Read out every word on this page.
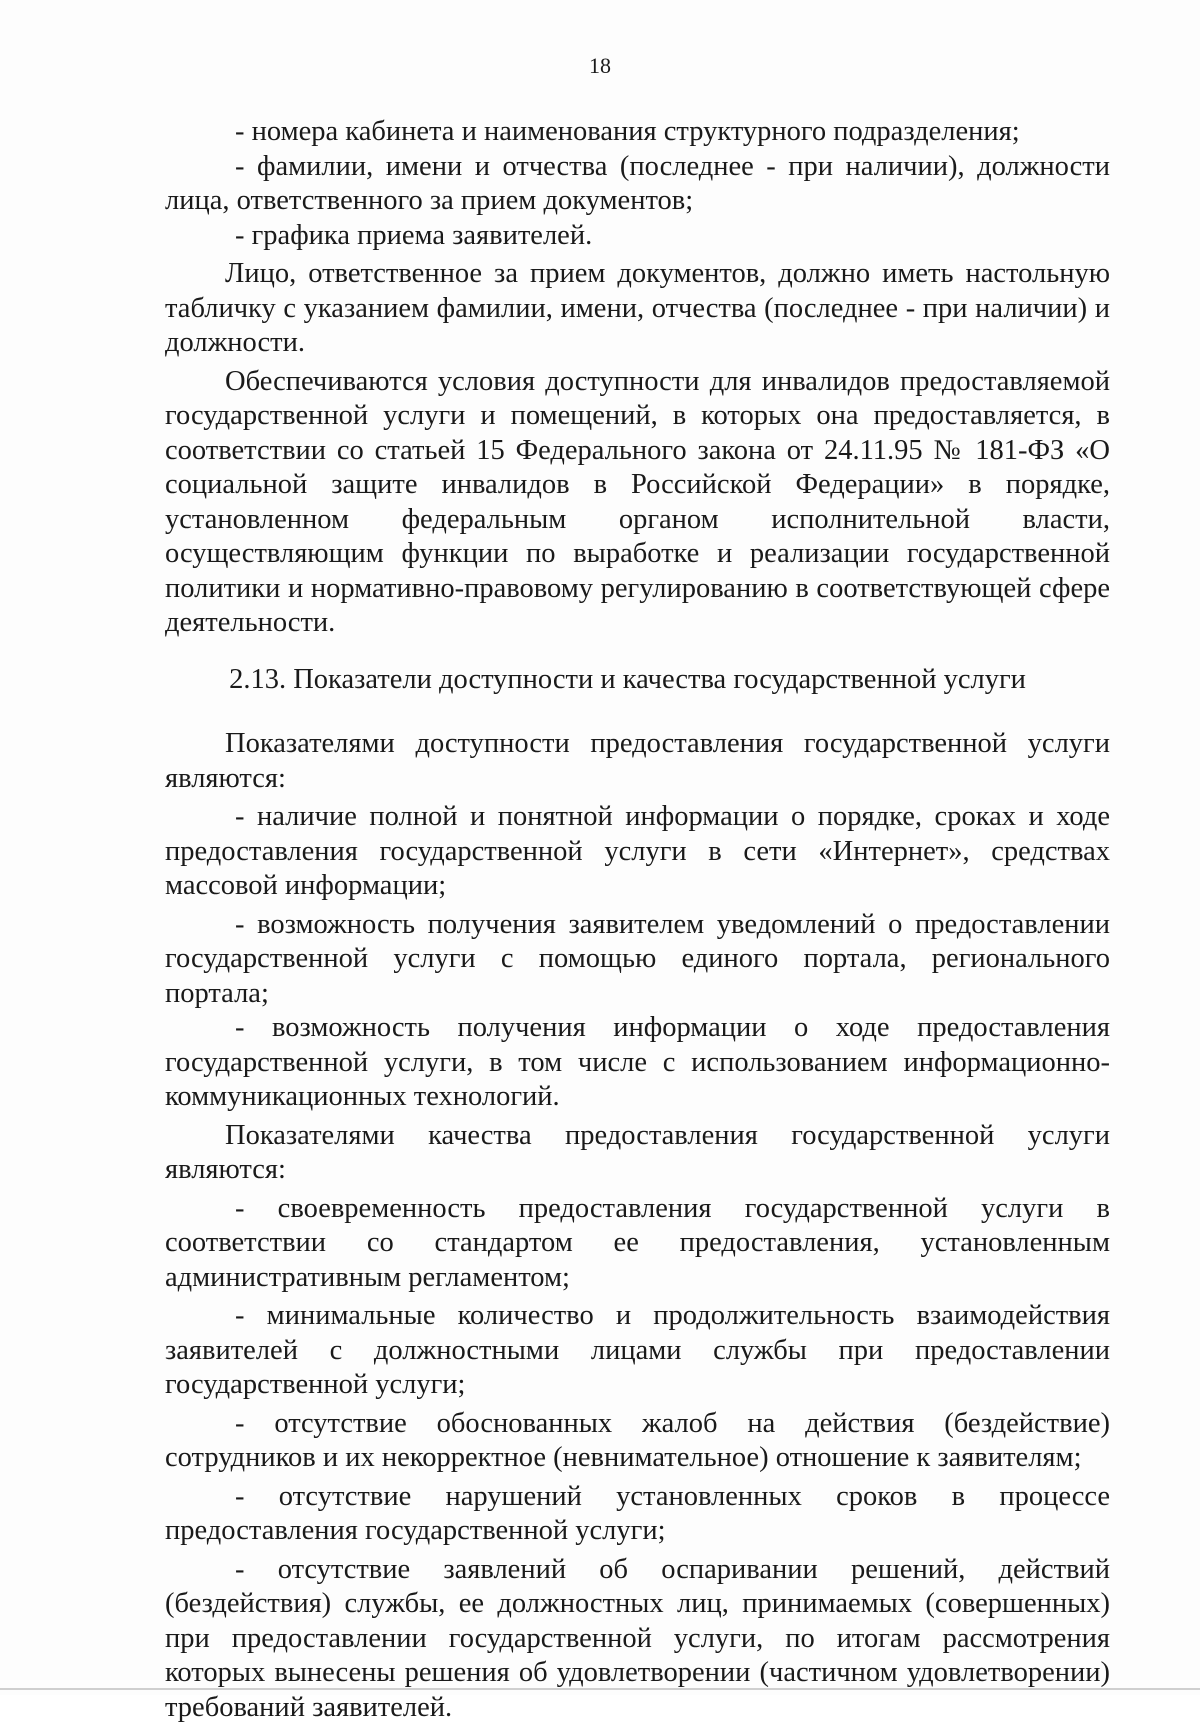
18

- номера кабинета и наименования структурного подразделения;

- фамилии, имени и отчества (последнее - при наличии), должности лица, ответственного за прием документов;

- графика приема заявителей.

Лицо, ответственное за прием документов, должно иметь настольную табличку с указанием фамилии, имени, отчества (последнее - при наличии) и должности.

Обеспечиваются условия доступности для инвалидов предоставляемой государственной услуги и помещений, в которых она предоставляется, в соответствии со статьей 15 Федерального закона от 24.11.95 № 181-ФЗ «О социальной защите инвалидов в Российской Федерации» в порядке, установленном федеральным органом исполнительной власти, осуществляющим функции по выработке и реализации государственной политики и нормативно-правовому регулированию в соответствующей сфере деятельности.

2.13. Показатели доступности и качества государственной услуги

Показателями доступности предоставления государственной услуги являются:

- наличие полной и понятной информации о порядке, сроках и ходе предоставления государственной услуги в сети «Интернет», средствах массовой информации;

- возможность получения заявителем уведомлений о предоставлении государственной услуги с помощью единого портала, регионального портала;

- возможность получения информации о ходе предоставления государственной услуги, в том числе с использованием информационно-коммуникационных технологий.

Показателями качества предоставления государственной услуги являются:

- своевременность предоставления государственной услуги в соответствии со стандартом ее предоставления, установленным административным регламентом;

- минимальные количество и продолжительность взаимодействия заявителей с должностными лицами службы при предоставлении государственной услуги;

- отсутствие обоснованных жалоб на действия (бездействие) сотрудников и их некорректное (невнимательное) отношение к заявителям;

- отсутствие нарушений установленных сроков в процессе предоставления государственной услуги;

- отсутствие заявлений об оспаривании решений, действий (бездействия) службы, ее должностных лиц, принимаемых (совершенных) при предоставлении государственной услуги, по итогам рассмотрения которых вынесены решения об удовлетворении (частичном удовлетворении) требований заявителей.
